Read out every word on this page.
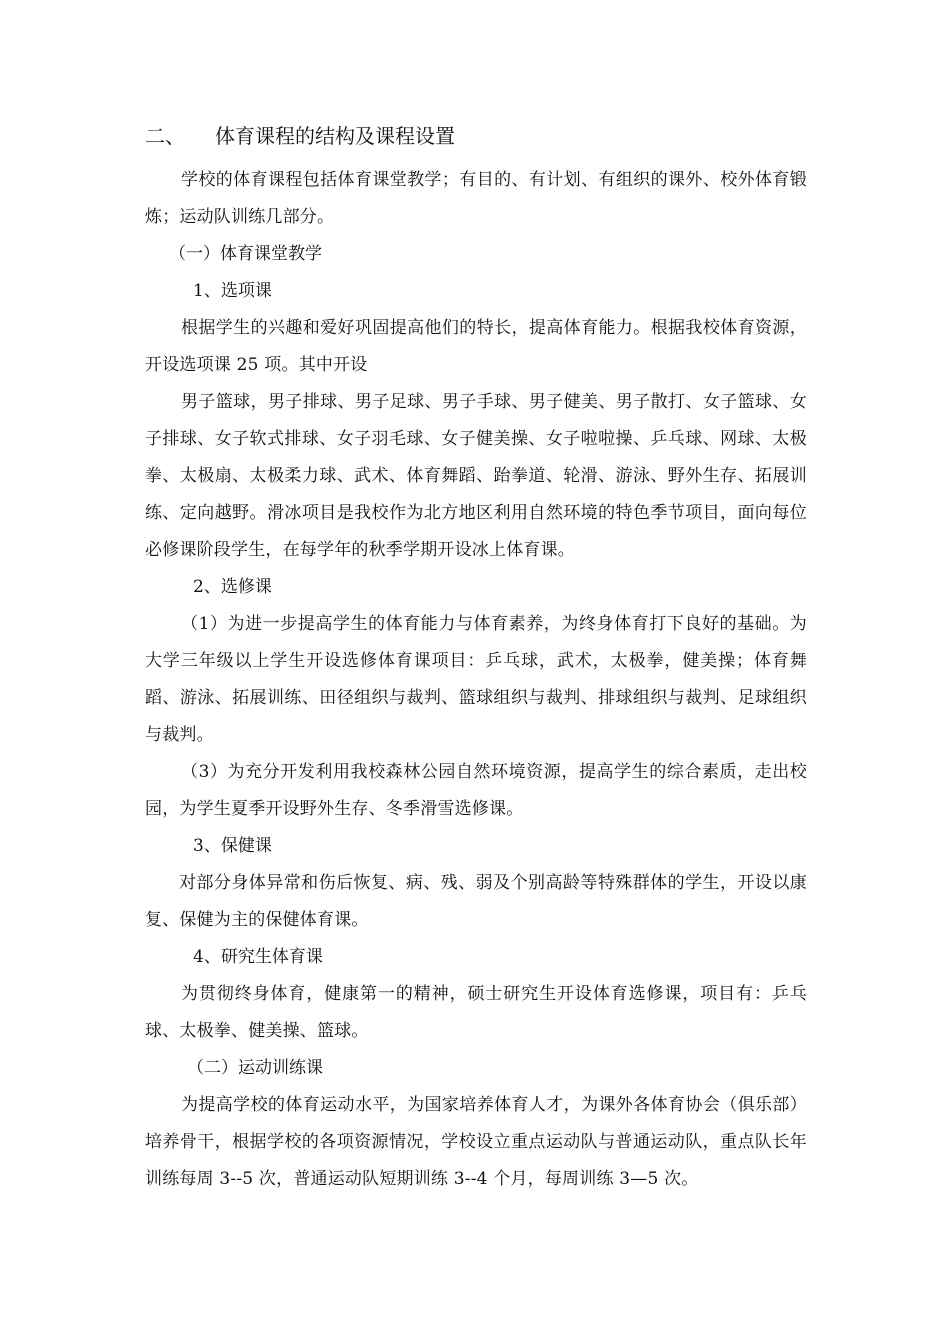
二、 体育课程的结构及课程设置

学校的体育课程包括体育课堂教学；有目的、有计划、有组织的课外、校外体育锻炼；运动队训练几部分。

（一）体育课堂教学

1、选项课

根据学生的兴趣和爱好巩固提高他们的特长，提高体育能力。根据我校体育资源，开设选项课 25 项。其中开设

男子篮球，男子排球、男子足球、男子手球、男子健美、男子散打、女子篮球、女子排球、女子软式排球、女子羽毛球、女子健美操、女子啦啦操、乒乓球、网球、太极拳、太极扇、太极柔力球、武术、体育舞蹈、跆拳道、轮滑、游泳、野外生存、拓展训练、定向越野。滑冰项目是我校作为北方地区利用自然环境的特色季节项目，面向每位必修课阶段学生，在每学年的秋季学期开设冰上体育课。

2、选修课

（1）为进一步提高学生的体育能力与体育素养，为终身体育打下良好的基础。为大学三年级以上学生开设选修体育课项目：乒乓球，武术，太极拳，健美操；体育舞蹈、游泳、拓展训练、田径组织与裁判、篮球组织与裁判、排球组织与裁判、足球组织与裁判。

（3）为充分开发利用我校森林公园自然环境资源，提高学生的综合素质，走出校园，为学生夏季开设野外生存、冬季滑雪选修课。

3、保健课

对部分身体异常和伤后恢复、病、残、弱及个别高龄等特殊群体的学生，开设以康复、保健为主的保健体育课。

4、研究生体育课

为贯彻终身体育，健康第一的精神，硕士研究生开设体育选修课，项目有：乒乓球、太极拳、健美操、篮球。

（二）运动训练课

为提高学校的体育运动水平，为国家培养体育人才，为课外各体育协会（俱乐部）培养骨干，根据学校的各项资源情况，学校设立重点运动队与普通运动队，重点队长年训练每周 3--5 次，普通运动队短期训练 3--4 个月，每周训练 3—5 次。
